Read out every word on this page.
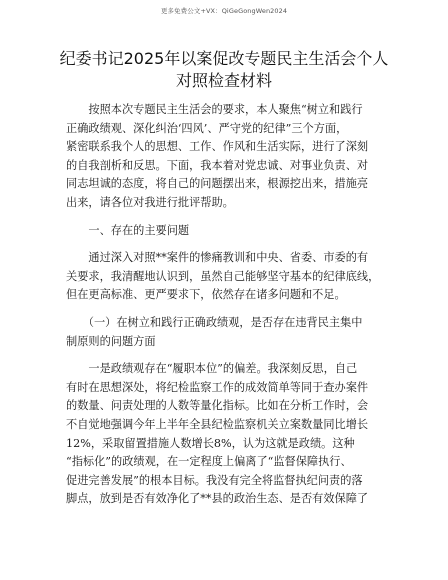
更多免费公文+VX：QiGeGongWen2024
纪委书记2025年以案促改专题民主生活会个人
对照检查材料
　　按照本次专题民主生活会的要求，本人聚焦“树立和践行
正确政绩观、深化纠治‘四风’、严守党的纪律”三个方面，
紧密联系我个人的思想、工作、作风和生活实际，进行了深刻
的自我剖析和反思。下面，我本着对党忠诚、对事业负责、对
同志坦诚的态度，将自己的问题摆出来，根源挖出来，措施亮
出来，请各位对我进行批评帮助。
　　一、存在的主要问题
　　通过深入对照**案件的惨痛教训和中央、省委、市委的有
关要求，我清醒地认识到，虽然自己能够坚守基本的纪律底线，
但在更高标准、更严要求下，依然存在诸多问题和不足。
　　（一）在树立和践行正确政绩观，是否存在违背民主集中
制原则的问题方面
　　一是政绩观存在“履职本位”的偏差。我深刻反思，自己
有时在思想深处，将纪检监察工作的成效简单等同于查办案件
的数量、问责处理的人数等量化指标。比如在分析工作时，会
不自觉地强调今年上半年全县纪检监察机关立案数量同比增长
12%，采取留置措施人数增长8%，认为这就是政绩。这种
“指标化”的政绩观，在一定程度上偏离了“监督保障执行、
促进完善发展”的根本目标。我没有完全将监督执纪问责的落
脚点，放到是否有效净化了**县的政治生态、是否有效保障了
